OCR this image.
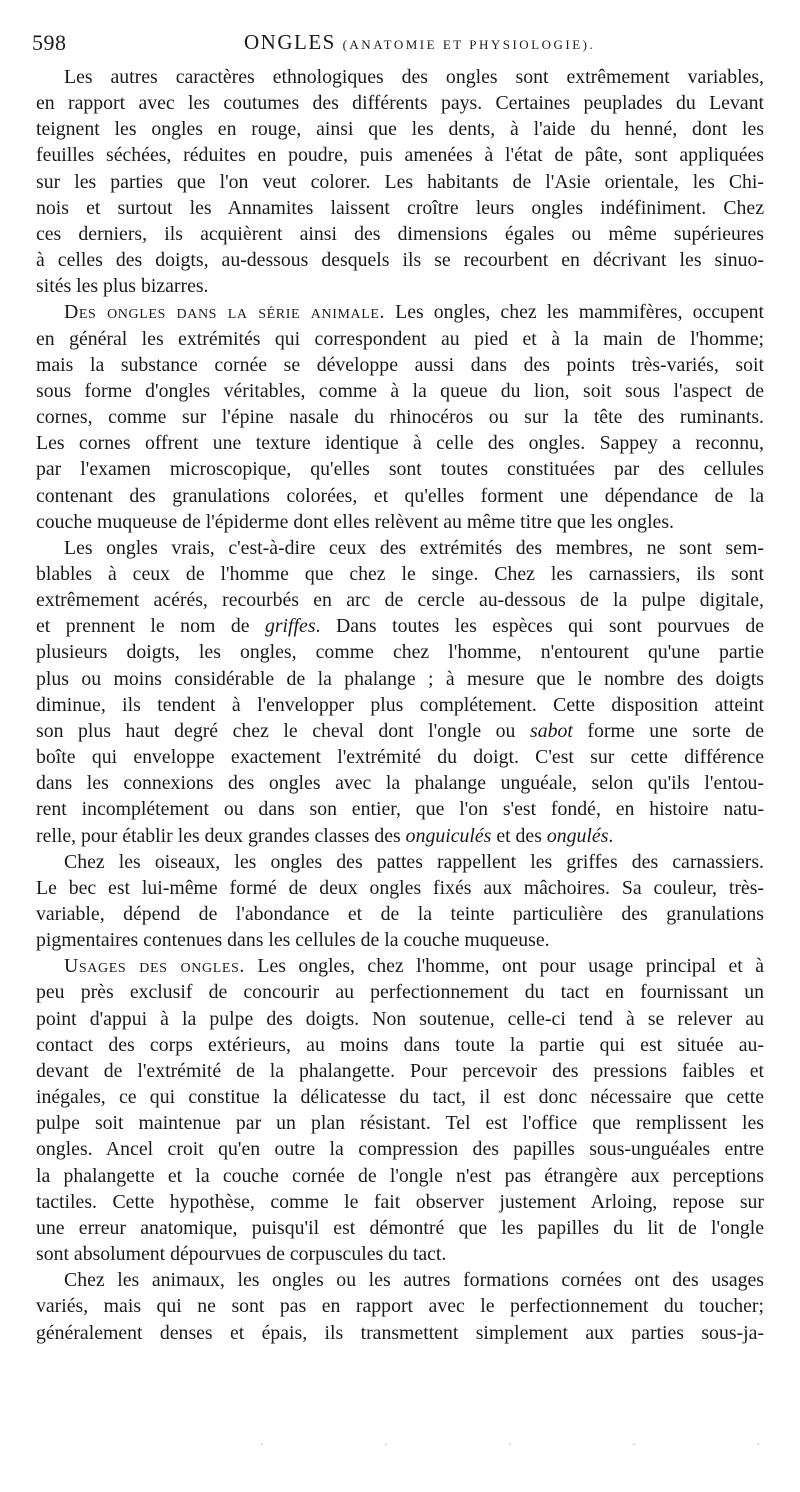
598	ONGLES (ANATOMIE ET PHYSIOLOGIE).

Les autres caractères ethnologiques des ongles sont extrêmement variables,
en rapport avec les coutumes des différents pays. Certaines peuplades du Levant
teignent les ongles en rouge, ainsi que les dents, à l'aide du henné, dont les
feuilles séchées, réduites en poudre, puis amenées à l'état de pâte, sont appliquées
sur les parties que l'on veut colorer. Les habitants de l'Asie orientale, les Chi-
nois et surtout les Annamites laissent croître leurs ongles indéfiniment. Chez
ces derniers, ils acquièrent ainsi des dimensions égales ou même supérieures
à celles des doigts, au-dessous desquels ils se recourbent en décrivant les sinuo-
sités les plus bizarres.

Des ongles dans la série animale. Les ongles, chez les mammifères, occupent
en général les extrémités qui correspondent au pied et à la main de l'homme;
mais la substance cornée se développe aussi dans des points très-variés, soit
sous forme d'ongles véritables, comme à la queue du lion, soit sous l'aspect de
cornes, comme sur l'épine nasale du rhinocéros ou sur la tête des ruminants.
Les cornes offrent une texture identique à celle des ongles. Sappey a reconnu,
par l'examen microscopique, qu'elles sont toutes constituées par des cellules
contenant des granulations colorées, et qu'elles forment une dépendance de la
couche muqueuse de l'épiderme dont elles relèvent au même titre que les ongles.

Les ongles vrais, c'est-à-dire ceux des extrémités des membres, ne sont sem-
blables à ceux de l'homme que chez le singe. Chez les carnassiers, ils sont
extrêmement acérés, recourbés en arc de cercle au-dessous de la pulpe digitale,
et prennent le nom de griffes. Dans toutes les espèces qui sont pourvues de
plusieurs doigts, les ongles, comme chez l'homme, n'entourent qu'une partie
plus ou moins considérable de la phalange ; à mesure que le nombre des doigts
diminue, ils tendent à l'envelopper plus complétement. Cette disposition atteint
son plus haut degré chez le cheval dont l'ongle ou sabot forme une sorte de
boîte qui enveloppe exactement l'extrémité du doigt. C'est sur cette différence
dans les connexions des ongles avec la phalange unguéale, selon qu'ils l'entou-
rent incomplétement ou dans son entier, que l'on s'est fondé, en histoire natu-
relle, pour établir les deux grandes classes des onguiculés et des ongulés.

Chez les oiseaux, les ongles des pattes rappellent les griffes des carnassiers.
Le bec est lui-même formé de deux ongles fixés aux mâchoires. Sa couleur, très-
variable, dépend de l'abondance et de la teinte particulière des granulations
pigmentaires contenues dans les cellules de la couche muqueuse.

Usages des ongles. Les ongles, chez l'homme, ont pour usage principal et à
peu près exclusif de concourir au perfectionnement du tact en fournissant un
point d'appui à la pulpe des doigts. Non soutenue, celle-ci tend à se relever au
contact des corps extérieurs, au moins dans toute la partie qui est située au-
devant de l'extrémité de la phalangette. Pour percevoir des pressions faibles et
inégales, ce qui constitue la délicatesse du tact, il est donc nécessaire que cette
pulpe soit maintenue par un plan résistant. Tel est l'office que remplissent les
ongles. Ancel croit qu'en outre la compression des papilles sous-unguéales entre
la phalangette et la couche cornée de l'ongle n'est pas étrangère aux perceptions
tactiles. Cette hypothèse, comme le fait observer justement Arloing, repose sur
une erreur anatomique, puisqu'il est démontré que les papilles du lit de l'ongle
sont absolument dépourvues de corpuscules du tact.

Chez les animaux, les ongles ou les autres formations cornées ont des usages
variés, mais qui ne sont pas en rapport avec le perfectionnement du toucher;
généralement denses et épais, ils transmettent simplement aux parties sous-ja-

·	·	·	·	·
